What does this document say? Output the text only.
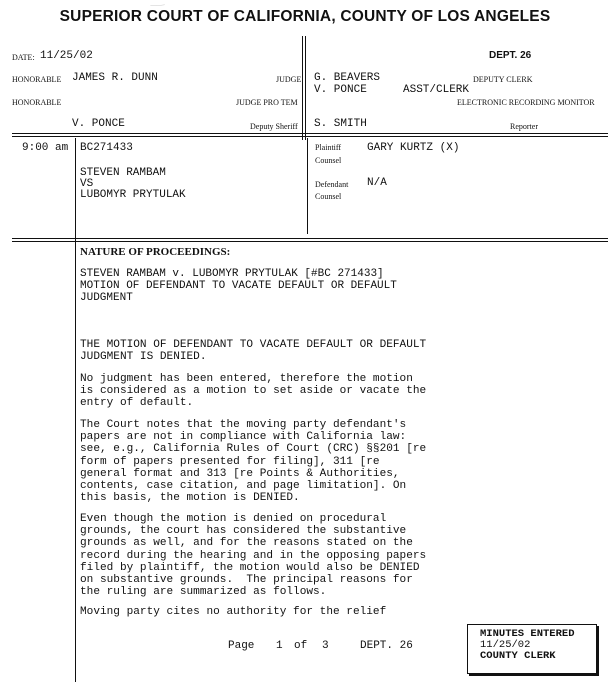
⸻
SUPERIOR COURT OF CALIFORNIA, COUNTY OF LOS ANGELES
DATE: 11/25/02	DEPT. 26
HONORABLE JAMES R. DUNN	JUDGE G. BEAVERS	DEPUTY CLERK
V. PONCE	ASST/CLERK
HONORABLE	JUDGE PRO TEM	ELECTRONIC RECORDING MONITOR
V. PONCE	Deputy Sheriff S. SMITH	Reporter
9:00 am BC271433
STEVEN RAMBAM
VS
LUBOMYR PRYTULAK
Plaintiff
Counsel
GARY KURTZ (X)
Defendant
Counsel
N/A
NATURE OF PROCEEDINGS:
STEVEN RAMBAM v. LUBOMYR PRYTULAK [#BC 271433]
MOTION OF DEFENDANT TO VACATE DEFAULT OR DEFAULT
JUDGMENT
THE MOTION OF DEFENDANT TO VACATE DEFAULT OR DEFAULT
JUDGMENT IS DENIED.
No judgment has been entered, therefore the motion
is considered as a motion to set aside or vacate the
entry of default.
The Court notes that the moving party defendant's
papers are not in compliance with California law:
see, e.g., California Rules of Court (CRC) §§201 [re
form of papers presented for filing], 311 [re
general format and 313 [re Points & Authorities,
contents, case citation, and page limitation]. On
this basis, the motion is DENIED.
Even though the motion is denied on procedural
grounds, the court has considered the substantive
grounds as well, and for the reasons stated on the
record during the hearing and in the opposing papers
filed by plaintiff, the motion would also be DENIED
on substantive grounds.  The principal reasons for
the ruling are summarized as follows.
Moving party cites no authority for the relief
Page 1 of 3	DEPT. 26
MINUTES ENTERED
11/25/02
COUNTY CLERK
